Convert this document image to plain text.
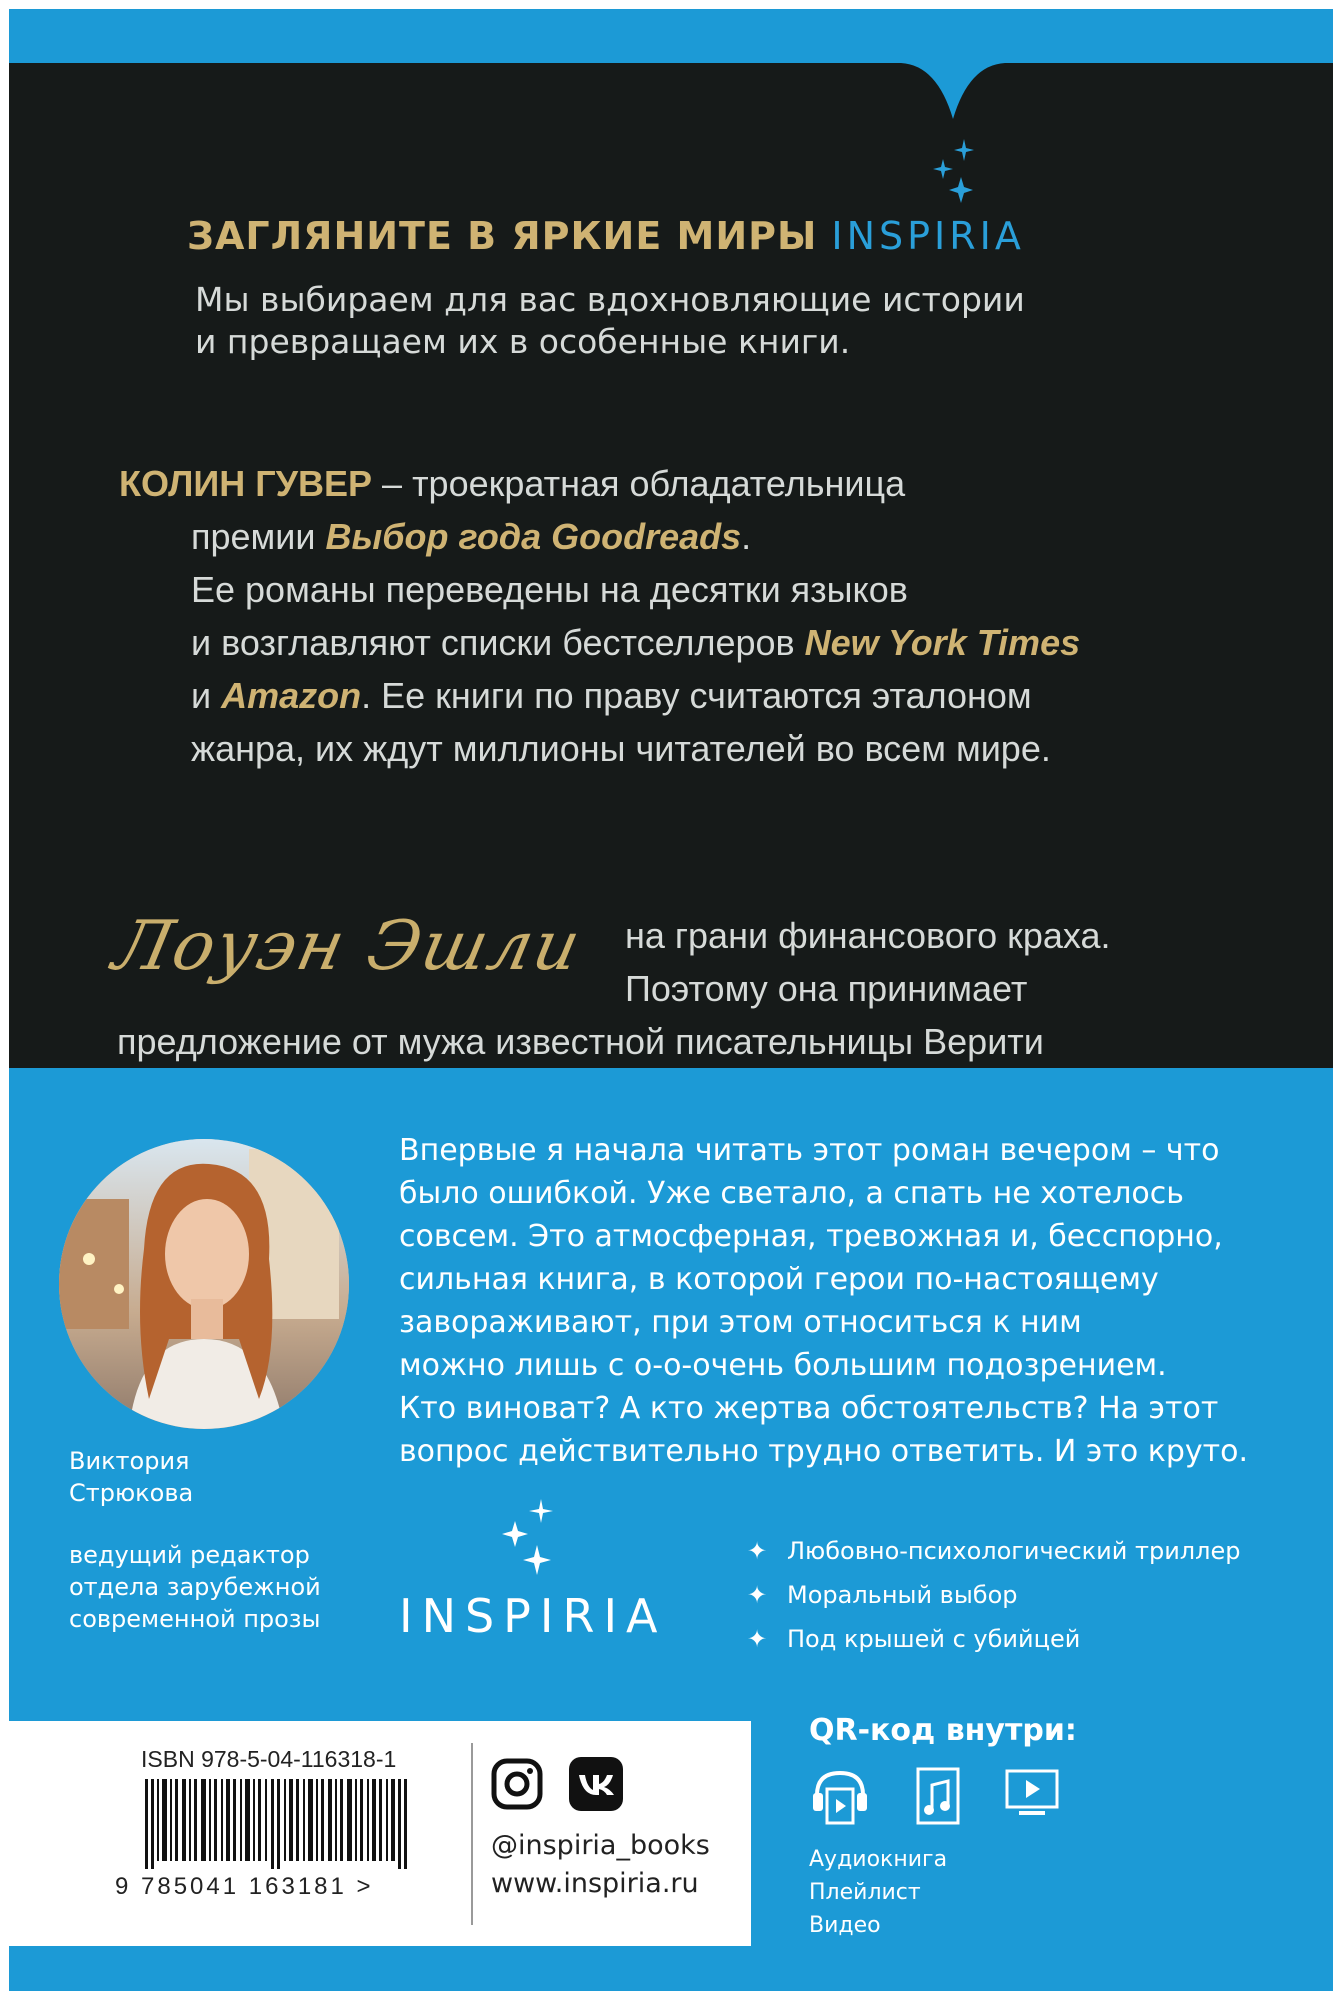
ЗАГЛЯНИТЕ В ЯРКИЕ МИРЫ INSPIRIA
Мы выбираем для вас вдохновляющие истории
и превращаем их в особенные книги.
КОЛИН ГУВЕР – троекратная обладательница
премии Выбор года Goodreads.
Ее романы переведены на десятки языков
и возглавляют списки бестселлеров New York Times
и Amazon. Ее книги по праву считаются эталоном
жанра, их ждут миллионы читателей во всем мире.
Лоуэн Эшли	на грани финансового краха.
Поэтому она принимает
предложение от мужа известной писательницы Верити
Впервые я начала читать этот роман вечером – что
было ошибкой. Уже светало, а спать не хотелось
совсем. Это атмосферная, тревожная и, бесспорно,
сильная книга, в которой герои по-настоящему
завораживают, при этом относиться к ним
можно лишь с о-о-очень большим подозрением.
Кто виноват? А кто жертва обстоятельств? На этот
вопрос действительно трудно ответить. И это круто.
Виктория
Стрюкова
ведущий редактор
отдела зарубежной
современной прозы INSPIRIA
✦ Любовно-психологический триллер
✦ Моральный выбор
✦ Под крышей с убийцей
ISBN 978-5-04-116318-1
9 785041 163181 >

@inspiria_books
www.inspiria.ru
QR-код внутри:

Аудиокнига
Плейлист
Видео
